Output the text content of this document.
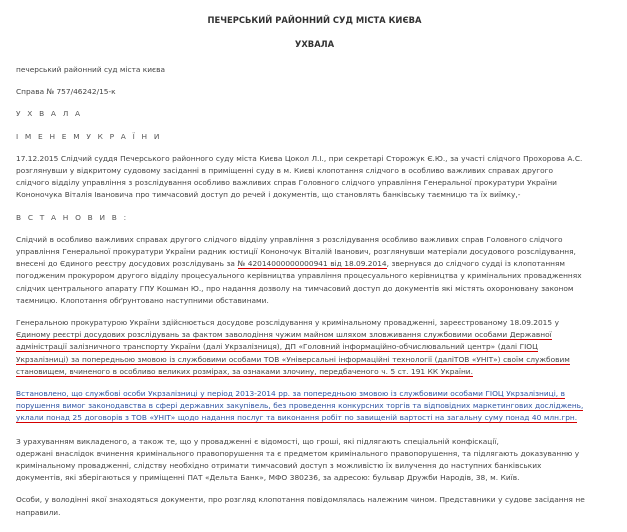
ПЕЧЕРСЬКИЙ РАЙОННИЙ СУД МІСТА КИЄВА
УХВАЛА
печерський районний суд міста києва
Справа № 757/46242/15-к
У Х В А Л А
І М Е Н Е М У К Р А Ї Н И
17.12.2015 Слідчий суддя Печерського районного суду міста Києва Цокол Л.І., при секретарі Сторожук Є.Ю., за участі слідчого Прохорова А.С.
розглянувши у відкритому судовому засіданні в приміщенні суду в м. Києві клопотання слідчого в особливо важливих справах другого
слідчого відділу управління з розслідування особливо важливих справ Головного слідчого управління Генеральної прокуратури України
Кононочука Віталія Івановича про тимчасовий доступ до речей і документів, що становлять банківську таємницю та їх виїмку,-
В С Т А Н О В И В :
Слідчий в особливо важливих справах другого слідчого відділу управління з розслідування особливо важливих справ Головного слідчого
управління Генеральної прокуратури України радник юстиції Кононочук Віталій Іванович, розглянувши матеріали досудового розслідування,
внесені до Єдиного реєстру досудових розслідувань за № 42014000000000941 від 18.09.2014, звернувся до слідчого судді із клопотанням
погодженим прокурором другого відділу процесуального керівництва управління процесуального керівництва у кримінальних провадженнях
слідчих центрального апарату ГПУ Кошман Ю., про надання дозволу на тимчасовий доступ до документів які містять охоронювану законом
таємницю. Клопотання обґрунтовано наступними обставинами.
Генеральною прокуратурою України здійснюється досудове розслідування у кримінальному провадженні, зареєстрованому 18.09.2015 у
Єдиному реєстрі досудових розслідувань за фактом заволодіння чужим майном шляхом зловживання службовими особами Державної
адміністрації залізничного транспорту України (далі Укрзалізниця), ДП «Головний інформаційно-обчислювальний центр» (далі ГІОЦ
Укрзалізниці) за попередньою змовою із службовими особами ТОВ «Універсальні інформаційні технології (даліТОВ «УНІТ») своїм службовим
становищем, вчиненого в особливо великих розмірах, за ознаками злочину, передбаченого ч. 5 ст. 191 КК України.
Встановлено, що службові особи Укрзалізниці у період 2013-2014 рр. за попередньою змовою із службовими особами ГІОЦ Укрзалізниці, в
порушення вимог законодавства в сфері державних закупівель, без проведення конкурсних торгів та відповідних маркетингових досліджень,
уклали понад 25 договорів з ТОВ «УНІТ» щодо надання послуг та виконання робіт по завищеній вартості на загальну суму понад 40 млн.грн.
З урахуванням викладеного, а також те, що у провадженні є відомості, що гроші, які підлягають спеціальній конфіскації,
одержані внаслідок вчинення кримінального правопорушення та є предметом кримінального правопорушення, та підлягають доказуванню у
кримінальному провадженні, слідству необхідно отримати тимчасовий доступ з можливістю їх вилучення до наступних банківських
документів, які зберігаються у приміщенні ПАТ «Дельта Банк», МФО 380236, за адресою: бульвар Дружби Народів, 38, м. Київ.
Особи, у володінні якої знаходяться документи, про розгляд клопотання повідомлялась належним чином. Представники у судове засідання не
направили.
